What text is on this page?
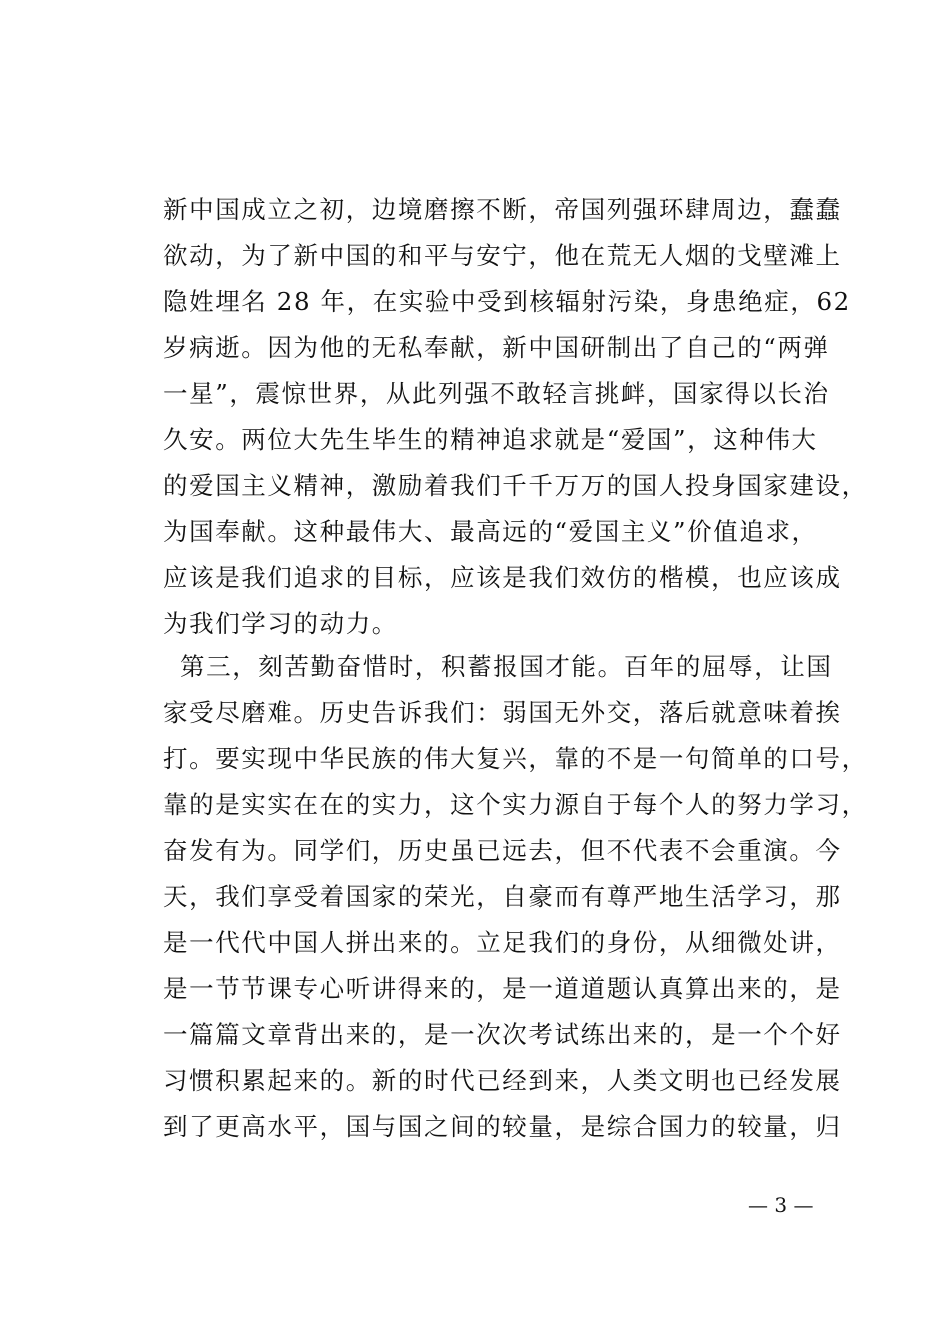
新中国成立之初，边境磨擦不断，帝国列强环肆周边，蠢蠢
欲动，为了新中国的和平与安宁，他在荒无人烟的戈壁滩上
隐姓埋名 28 年，在实验中受到核辐射污染，身患绝症，62
岁病逝。因为他的无私奉献，新中国研制出了自己的“两弹
一星”，震惊世界，从此列强不敢轻言挑衅，国家得以长治
久安。两位大先生毕生的精神追求就是“爱国”，这种伟大
的爱国主义精神，激励着我们千千万万的国人投身国家建设，
为国奉献。这种最伟大、最高远的“爱国主义”价值追求，
应该是我们追求的目标，应该是我们效仿的楷模，也应该成
为我们学习的动力。
第三，刻苦勤奋惜时，积蓄报国才能。百年的屈辱，让国
家受尽磨难。历史告诉我们：弱国无外交，落后就意味着挨
打。要实现中华民族的伟大复兴，靠的不是一句简单的口号，
靠的是实实在在的实力，这个实力源自于每个人的努力学习，
奋发有为。同学们，历史虽已远去，但不代表不会重演。今
天，我们享受着国家的荣光，自豪而有尊严地生活学习，那
是一代代中国人拼出来的。立足我们的身份，从细微处讲，
是一节节课专心听讲得来的，是一道道题认真算出来的，是
一篇篇文章背出来的，是一次次考试练出来的，是一个个好
习惯积累起来的。新的时代已经到来，人类文明也已经发展
到了更高水平，国与国之间的较量，是综合国力的较量，归
— 3 —
